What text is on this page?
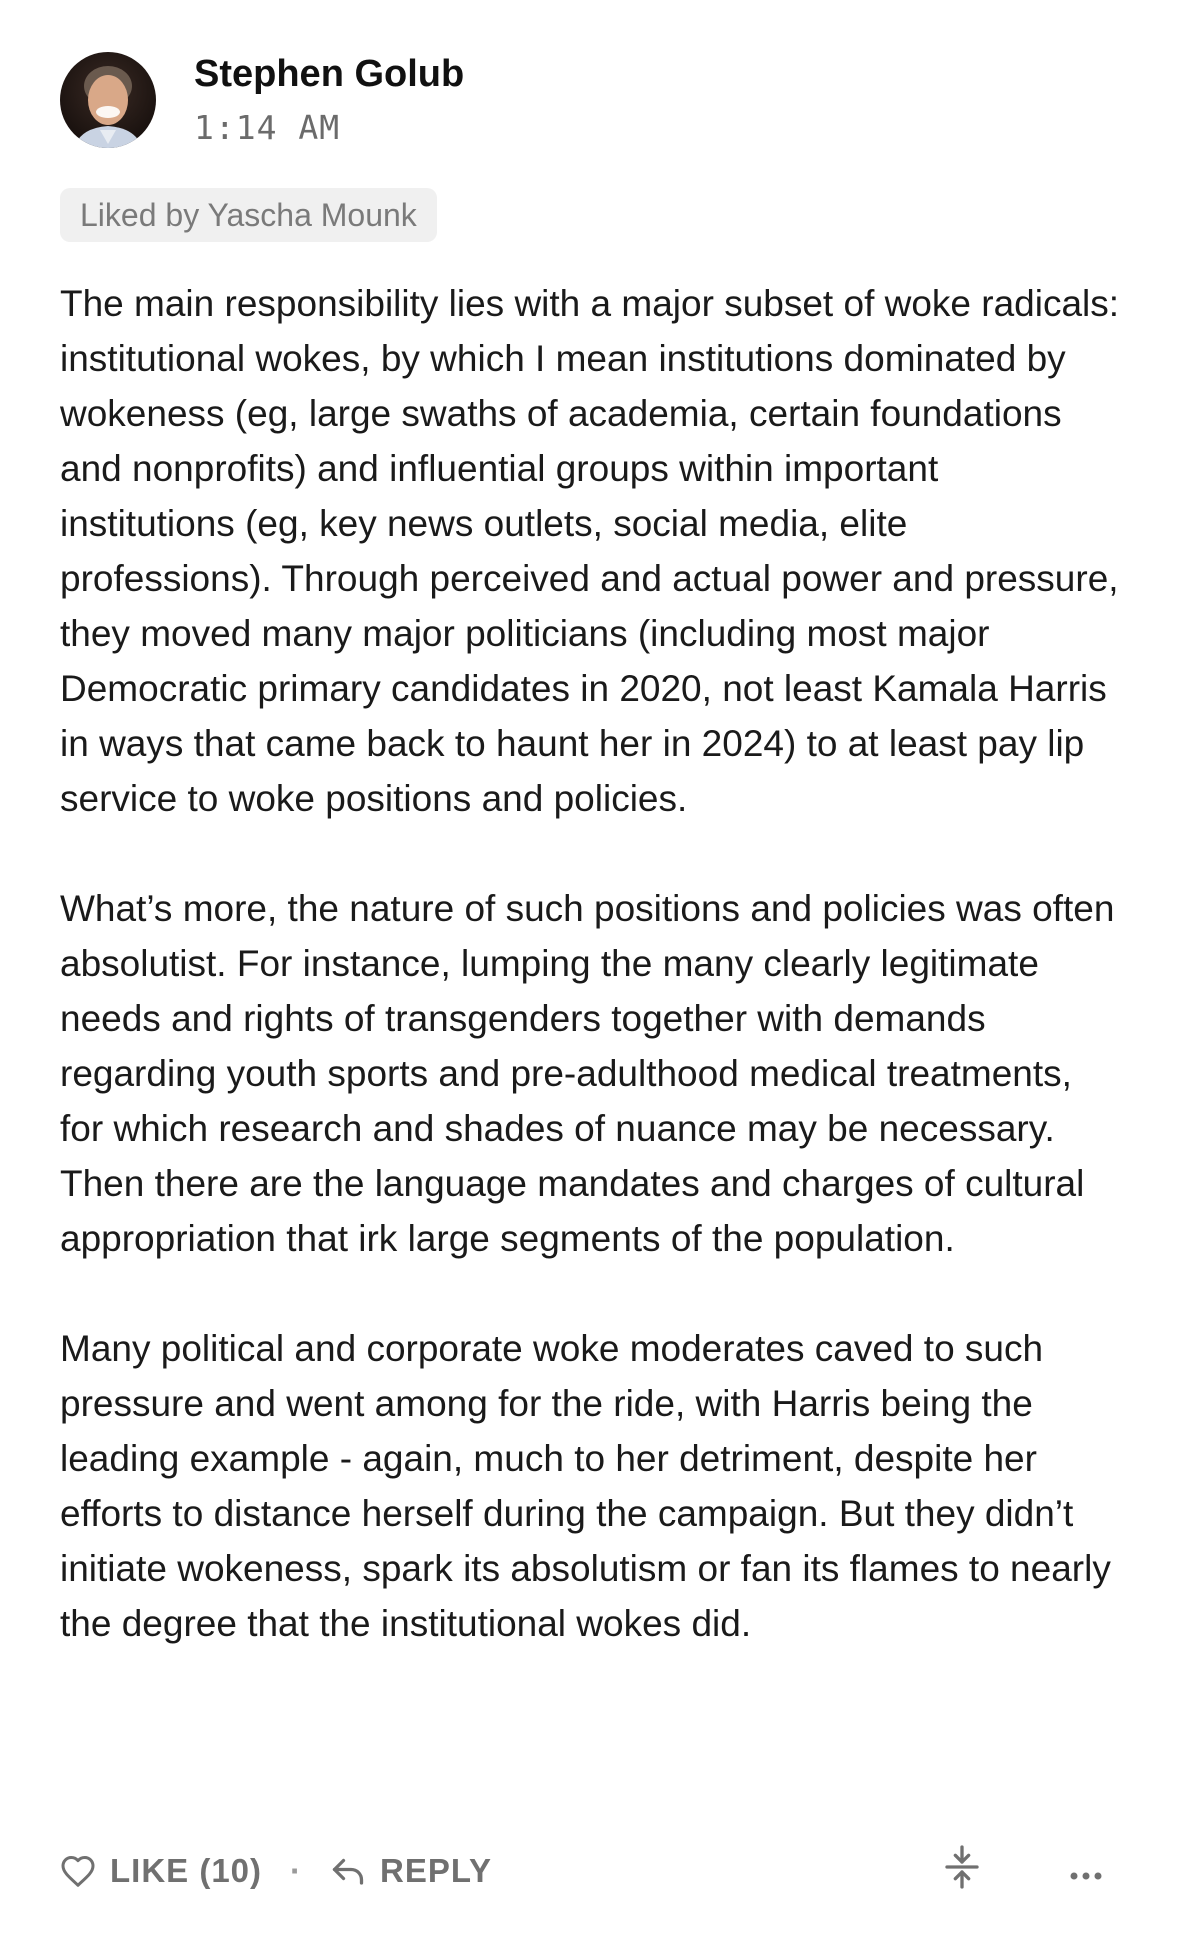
Stephen Golub
1:14 AM
Liked by Yascha Mounk

The main responsibility lies with a major subset of woke radicals: institutional wokes, by which I mean institutions dominated by wokeness (eg, large swaths of academia, certain foundations and nonprofits) and influential groups within important institutions (eg, key news outlets, social media, elite professions). Through perceived and actual power and pressure, they moved many major politicians (including most major Democratic primary candidates in 2020, not least Kamala Harris in ways that came back to haunt her in 2024) to at least pay lip service to woke positions and policies.

What’s more, the nature of such positions and policies was often absolutist. For instance, lumping the many clearly legitimate needs and rights of transgenders together with demands regarding youth sports and pre-adulthood medical treatments, for which research and shades of nuance may be necessary. Then there are the language mandates and charges of cultural appropriation that irk large segments of the population.

Many political and corporate woke moderates caved to such pressure and went among for the ride, with Harris being the leading example - again, much to her detriment, despite her efforts to distance herself during the campaign. But they didn’t initiate wokeness, spark its absolutism or fan its flames to nearly the degree that the institutional wokes did.

LIKE (10) · REPLY
